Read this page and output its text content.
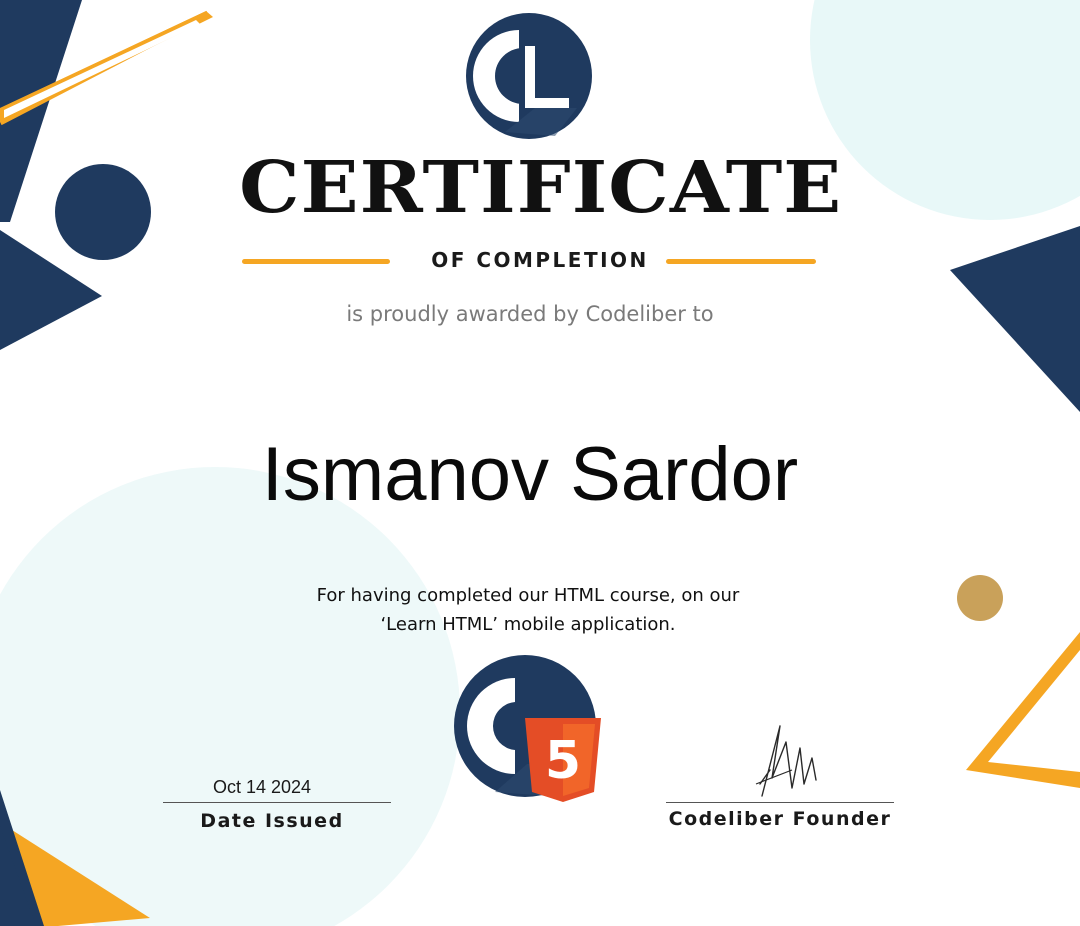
CERTIFICATE
OF COMPLETION
is proudly awarded by Codeliber to
Ismanov Sardor
For having completed our HTML course, on our
‘Learn HTML’ mobile application.
5
Oct 14 2024
Date Issued	Codeliber Founder
